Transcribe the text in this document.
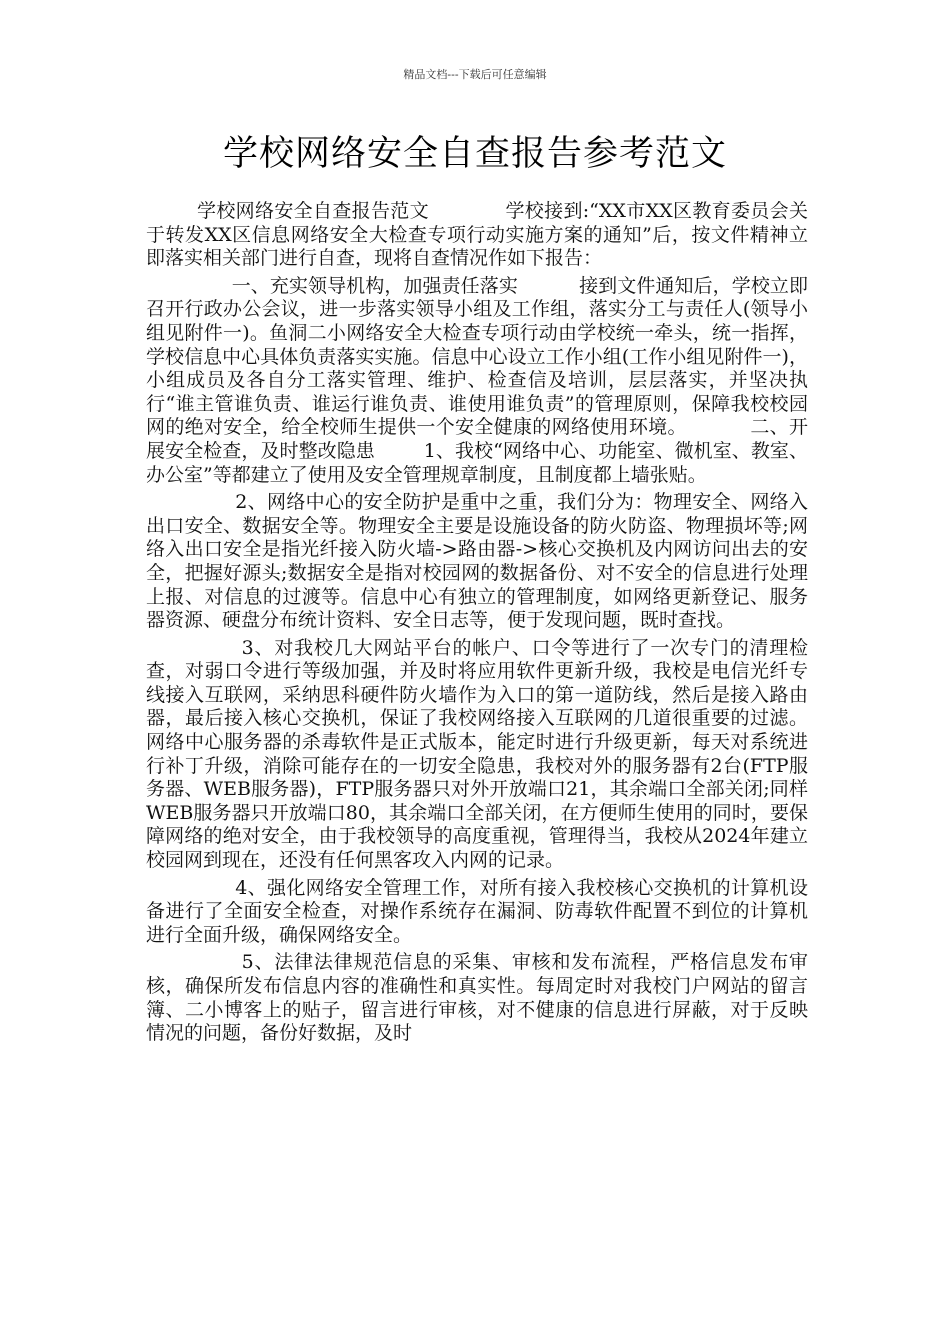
精品文档---下载后可任意编辑
学校网络安全自查报告参考范文

学校网络安全自查报告范文            学校接到:“XX市XX区教育委员会关于转发XX区信息网络安全大检查专项行动实施方案的通知”后，按文件精神立即落实相关部门进行自查，现将自查情况作如下报告：

一、充实领导机构，加强责任落实          接到文件通知后，学校立即召开行政办公会议，进一步落实领导小组及工作组，落实分工与责任人(领导小组见附件一)。鱼洞二小网络安全大检查专项行动由学校统一牵头，统一指挥，学校信息中心具体负责落实实施。信息中心设立工作小组(工作小组见附件一)，小组成员及各自分工落实管理、维护、检查信及培训，层层落实，并坚决执行“谁主管谁负责、谁运行谁负责、谁使用谁负责”的管理原则，保障我校校园网的绝对安全，给全校师生提供一个安全健康的网络使用环境。          二、开展安全检查，及时整改隐患        1、我校“网络中心、功能室、微机室、教室、办公室”等都建立了使用及安全管理规章制度，且制度都上墙张贴。

2、网络中心的安全防护是重中之重，我们分为：物理安全、网络入出口安全、数据安全等。物理安全主要是设施设备的防火防盗、物理损坏等;网络入出口安全是指光纤接入防火墙->路由器->核心交换机及内网访问出去的安全，把握好源头;数据安全是指对校园网的数据备份、对不安全的信息进行处理上报、对信息的过渡等。信息中心有独立的管理制度，如网络更新登记、服务器资源、硬盘分布统计资料、安全日志等，便于发现问题，既时查找。

3、对我校几大网站平台的帐户、口令等进行了一次专门的清理检查，对弱口令进行等级加强，并及时将应用软件更新升级，我校是电信光纤专线接入互联网，采纳思科硬件防火墙作为入口的第一道防线，然后是接入路由器，最后接入核心交换机，保证了我校网络接入互联网的几道很重要的过滤。网络中心服务器的杀毒软件是正式版本，能定时进行升级更新，每天对系统进行补丁升级，消除可能存在的一切安全隐患，我校对外的服务器有2台(FTP服务器、WEB服务器)，FTP服务器只对外开放端口21，其余端口全部关闭;同样WEB服务器只开放端口80，其余端口全部关闭，在方便师生使用的同时，要保障网络的绝对安全，由于我校领导的高度重视，管理得当，我校从2024年建立校园网到现在，还没有任何黑客攻入内网的记录。

4、强化网络安全管理工作，对所有接入我校核心交换机的计算机设备进行了全面安全检查，对操作系统存在漏洞、防毒软件配置不到位的计算机进行全面升级，确保网络安全。

5、法律法律规范信息的采集、审核和发布流程，严格信息发布审核，确保所发布信息内容的准确性和真实性。每周定时对我校门户网站的留言簿、二小博客上的贴子，留言进行审核，对不健康的信息进行屏蔽，对于反映情况的问题，备份好数据，及时
